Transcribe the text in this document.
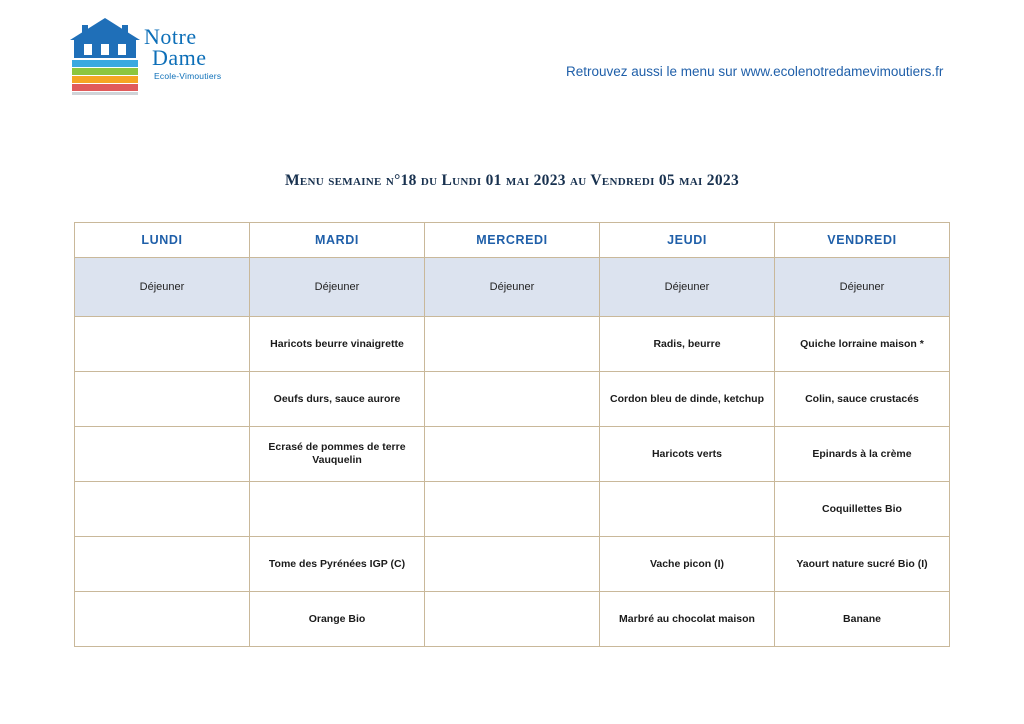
Notre
Dame
Ecole-Vimoutiers	Retrouvez aussi le menu sur www.ecolenotredamevimoutiers.fr
Menu semaine n°18 du Lundi 01 mai 2023 au Vendredi 05 mai 2023
LUNDI	MARDI	MERCREDI	JEUDI	VENDREDI
Déjeuner	Déjeuner	Déjeuner	Déjeuner	Déjeuner

	Haricots beurre vinaigrette		Radis, beurre	Quiche lorraine maison *

	Oeufs durs, sauce aurore		Cordon bleu de dinde, ketchup	Colin, sauce crustacés

	Ecrasé de pommes de terre Vauquelin		Haricots verts	Epinards à la crème

				Coquillettes Bio

	Tome des Pyrénées IGP (C)		Vache picon (I)	Yaourt nature sucré Bio (I)

	Orange Bio		Marbré au chocolat maison	Banane
